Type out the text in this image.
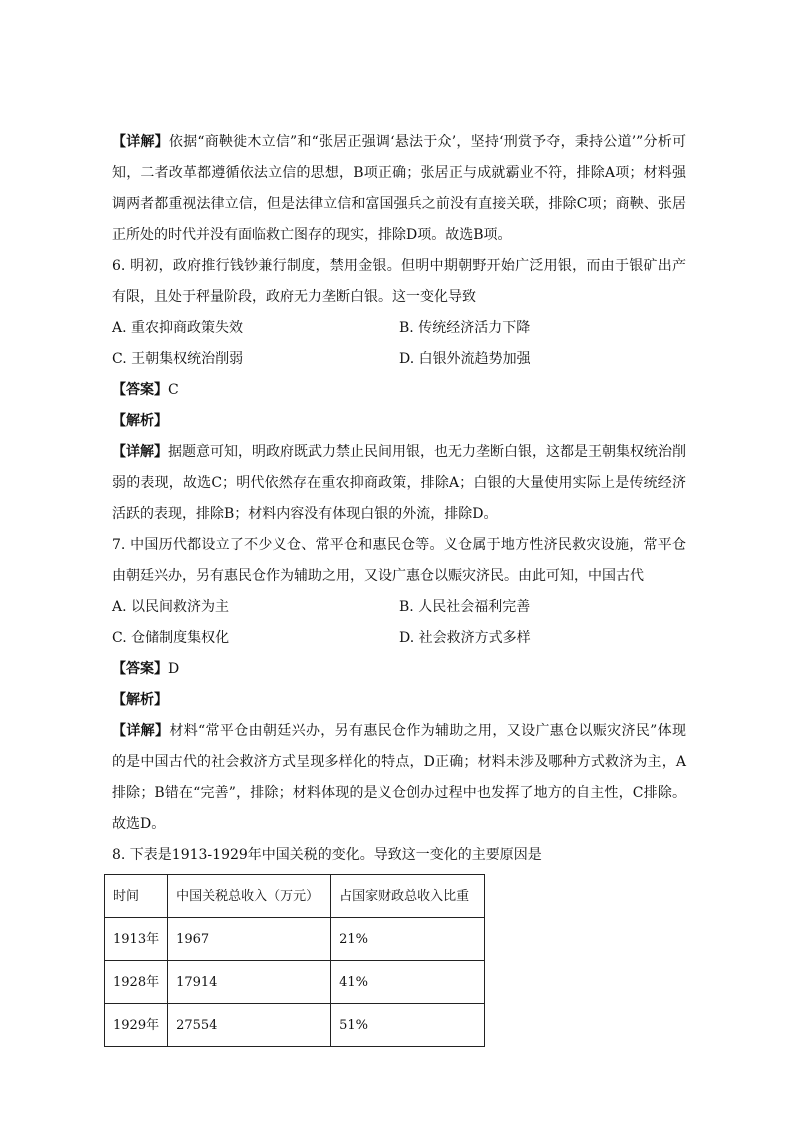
【详解】依据“商鞅徙木立信”和“张居正强调‘悬法于众’，坚持‘刑赏予夺，秉持公道’”分析可知，二者改革都遵循依法立信的思想，B项正确；张居正与成就霸业不符，排除A项；材料强调两者都重视法律立信，但是法律立信和富国强兵之前没有直接关联，排除C项；商鞅、张居正所处的时代并没有面临救亡图存的现实，排除D项。故选B项。

6. 明初，政府推行钱钞兼行制度，禁用金银。但明中期朝野开始广泛用银，而由于银矿出产有限，且处于秤量阶段，政府无力垄断白银。这一变化导致

A. 重农抑商政策失效	B. 传统经济活力下降
C. 王朝集权统治削弱	D. 白银外流趋势加强

【答案】C

【解析】

【详解】据题意可知，明政府既武力禁止民间用银，也无力垄断白银，这都是王朝集权统治削弱的表现，故选C；明代依然存在重农抑商政策，排除A；白银的大量使用实际上是传统经济活跃的表现，排除B；材料内容没有体现白银的外流，排除D。

7. 中国历代都设立了不少义仓、常平仓和惠民仓等。义仓属于地方性济民救灾设施，常平仓由朝廷兴办，另有惠民仓作为辅助之用，又设广惠仓以赈灾济民。由此可知，中国古代

A. 以民间救济为主	B. 人民社会福利完善
C. 仓储制度集权化	D. 社会救济方式多样

【答案】D

【解析】

【详解】材料“常平仓由朝廷兴办，另有惠民仓作为辅助之用，又设广惠仓以赈灾济民”体现的是中国古代的社会救济方式呈现多样化的特点，D正确；材料未涉及哪种方式救济为主，A排除；B错在“完善”，排除；材料体现的是义仓创办过程中也发挥了地方的自主性，C排除。故选D。

8. 下表是1913-1929年中国关税的变化。导致这一变化的主要原因是

时间	中国关税总收入（万元）	占国家财政总收入比重
1913年	1967	21%
1928年	17914	41%
1929年	27554	51%
